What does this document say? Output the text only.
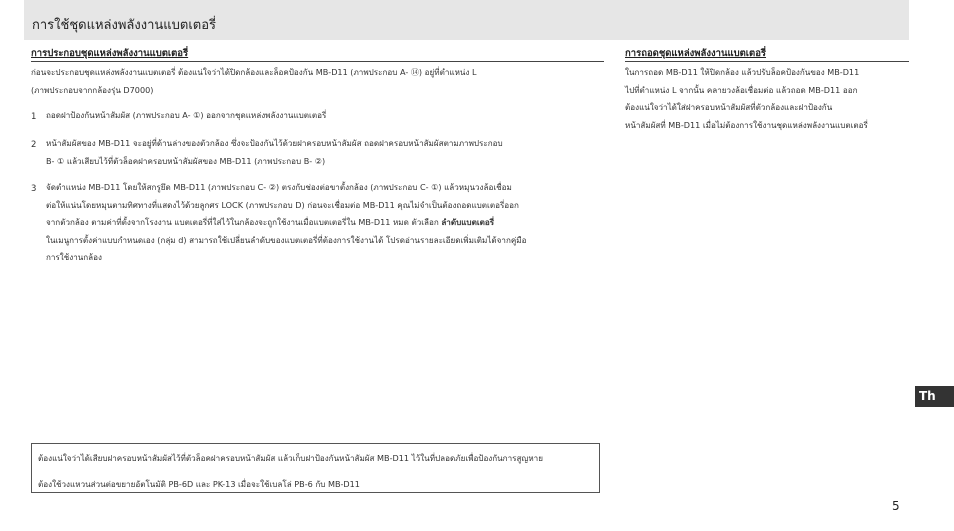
การใช้ชุดแหล่งพลังงานแบตเตอรี่
การประกอบชุดแหล่งพลังงานแบตเตอรี่
ก่อนจะประกอบชุดแหล่งพลังงานแบตเตอรี่ ต้องแน่ใจว่าได้ปิดกล้องและล็อคป้องกัน MB-D11 (ภาพประกอบ A- ⑭) อยู่ที่ตำแหน่ง L
(ภาพประกอบจากกล้องรุ่น D7000)
1 ถอดฝาป้องกันหน้าสัมผัส (ภาพประกอบ A- ①) ออกจากชุดแหล่งพลังงานแบตเตอรี่
2 หน้าสัมผัสของ MB-D11 จะอยู่ที่ด้านล่างของตัวกล้อง ซึ่งจะป้องกันไว้ด้วยฝาครอบหน้าสัมผัส ถอดฝาครอบหน้าสัมผัสตามภาพประกอบ
B- ① แล้วเสียบไว้ที่ตัวล็อคฝาครอบหน้าสัมผัสของ MB-D11 (ภาพประกอบ B- ②)
3 จัดตำแหน่ง MB-D11 โดยให้สกรูยึด MB-D11 (ภาพประกอบ C- ②) ตรงกับช่องต่อขาตั้งกล้อง (ภาพประกอบ C- ①) แล้วหมุนวงล้อเชื่อม
ต่อให้แน่นโดยหมุนตามทิศทางที่แสดงไว้ด้วยลูกศร LOCK (ภาพประกอบ D) ก่อนจะเชื่อมต่อ MB-D11 คุณไม่จำเป็นต้องถอดแบตเตอรี่ออก
จากตัวกล้อง ตามค่าที่ตั้งจากโรงงาน แบตเตอรี่ที่ใส่ไว้ในกล้องจะถูกใช้งานเมื่อแบตเตอรี่ใน MB-D11 หมด ตัวเลือก ลำดับแบตเตอรี่
ในเมนูการตั้งค่าแบบกำหนดเอง (กลุ่ม d) สามารถใช้เปลี่ยนลำดับของแบตเตอรี่ที่ต้องการใช้งานได้ โปรดอ่านรายละเอียดเพิ่มเติมได้จากคู่มือ
การใช้งานกล้อง
การถอดชุดแหล่งพลังงานแบตเตอรี่
ในการถอด MB-D11 ให้ปิดกล้อง แล้วปรับล็อคป้องกันของ MB-D11
ไปที่ตำแหน่ง L จากนั้น คลายวงล้อเชื่อมต่อ แล้วถอด MB-D11 ออก
ต้องแน่ใจว่าได้ใส่ฝาครอบหน้าสัมผัสที่ตัวกล้องและฝาป้องกัน
หน้าสัมผัสที่ MB-D11 เมื่อไม่ต้องการใช้งานชุดแหล่งพลังงานแบตเตอรี่
ต้องแน่ใจว่าได้เสียบฝาครอบหน้าสัมผัสไว้ที่ตัวล็อคฝาครอบหน้าสัมผัส แล้วเก็บฝาป้องกันหน้าสัมผัส MB-D11 ไว้ในที่ปลอดภัยเพื่อป้องกันการสูญหาย
ต้องใช้วงแหวนส่วนต่อขยายอัตโนมัติ PB-6D และ PK-13 เมื่อจะใช้เบลโล่ PB-6 กับ MB-D11
Th
5
